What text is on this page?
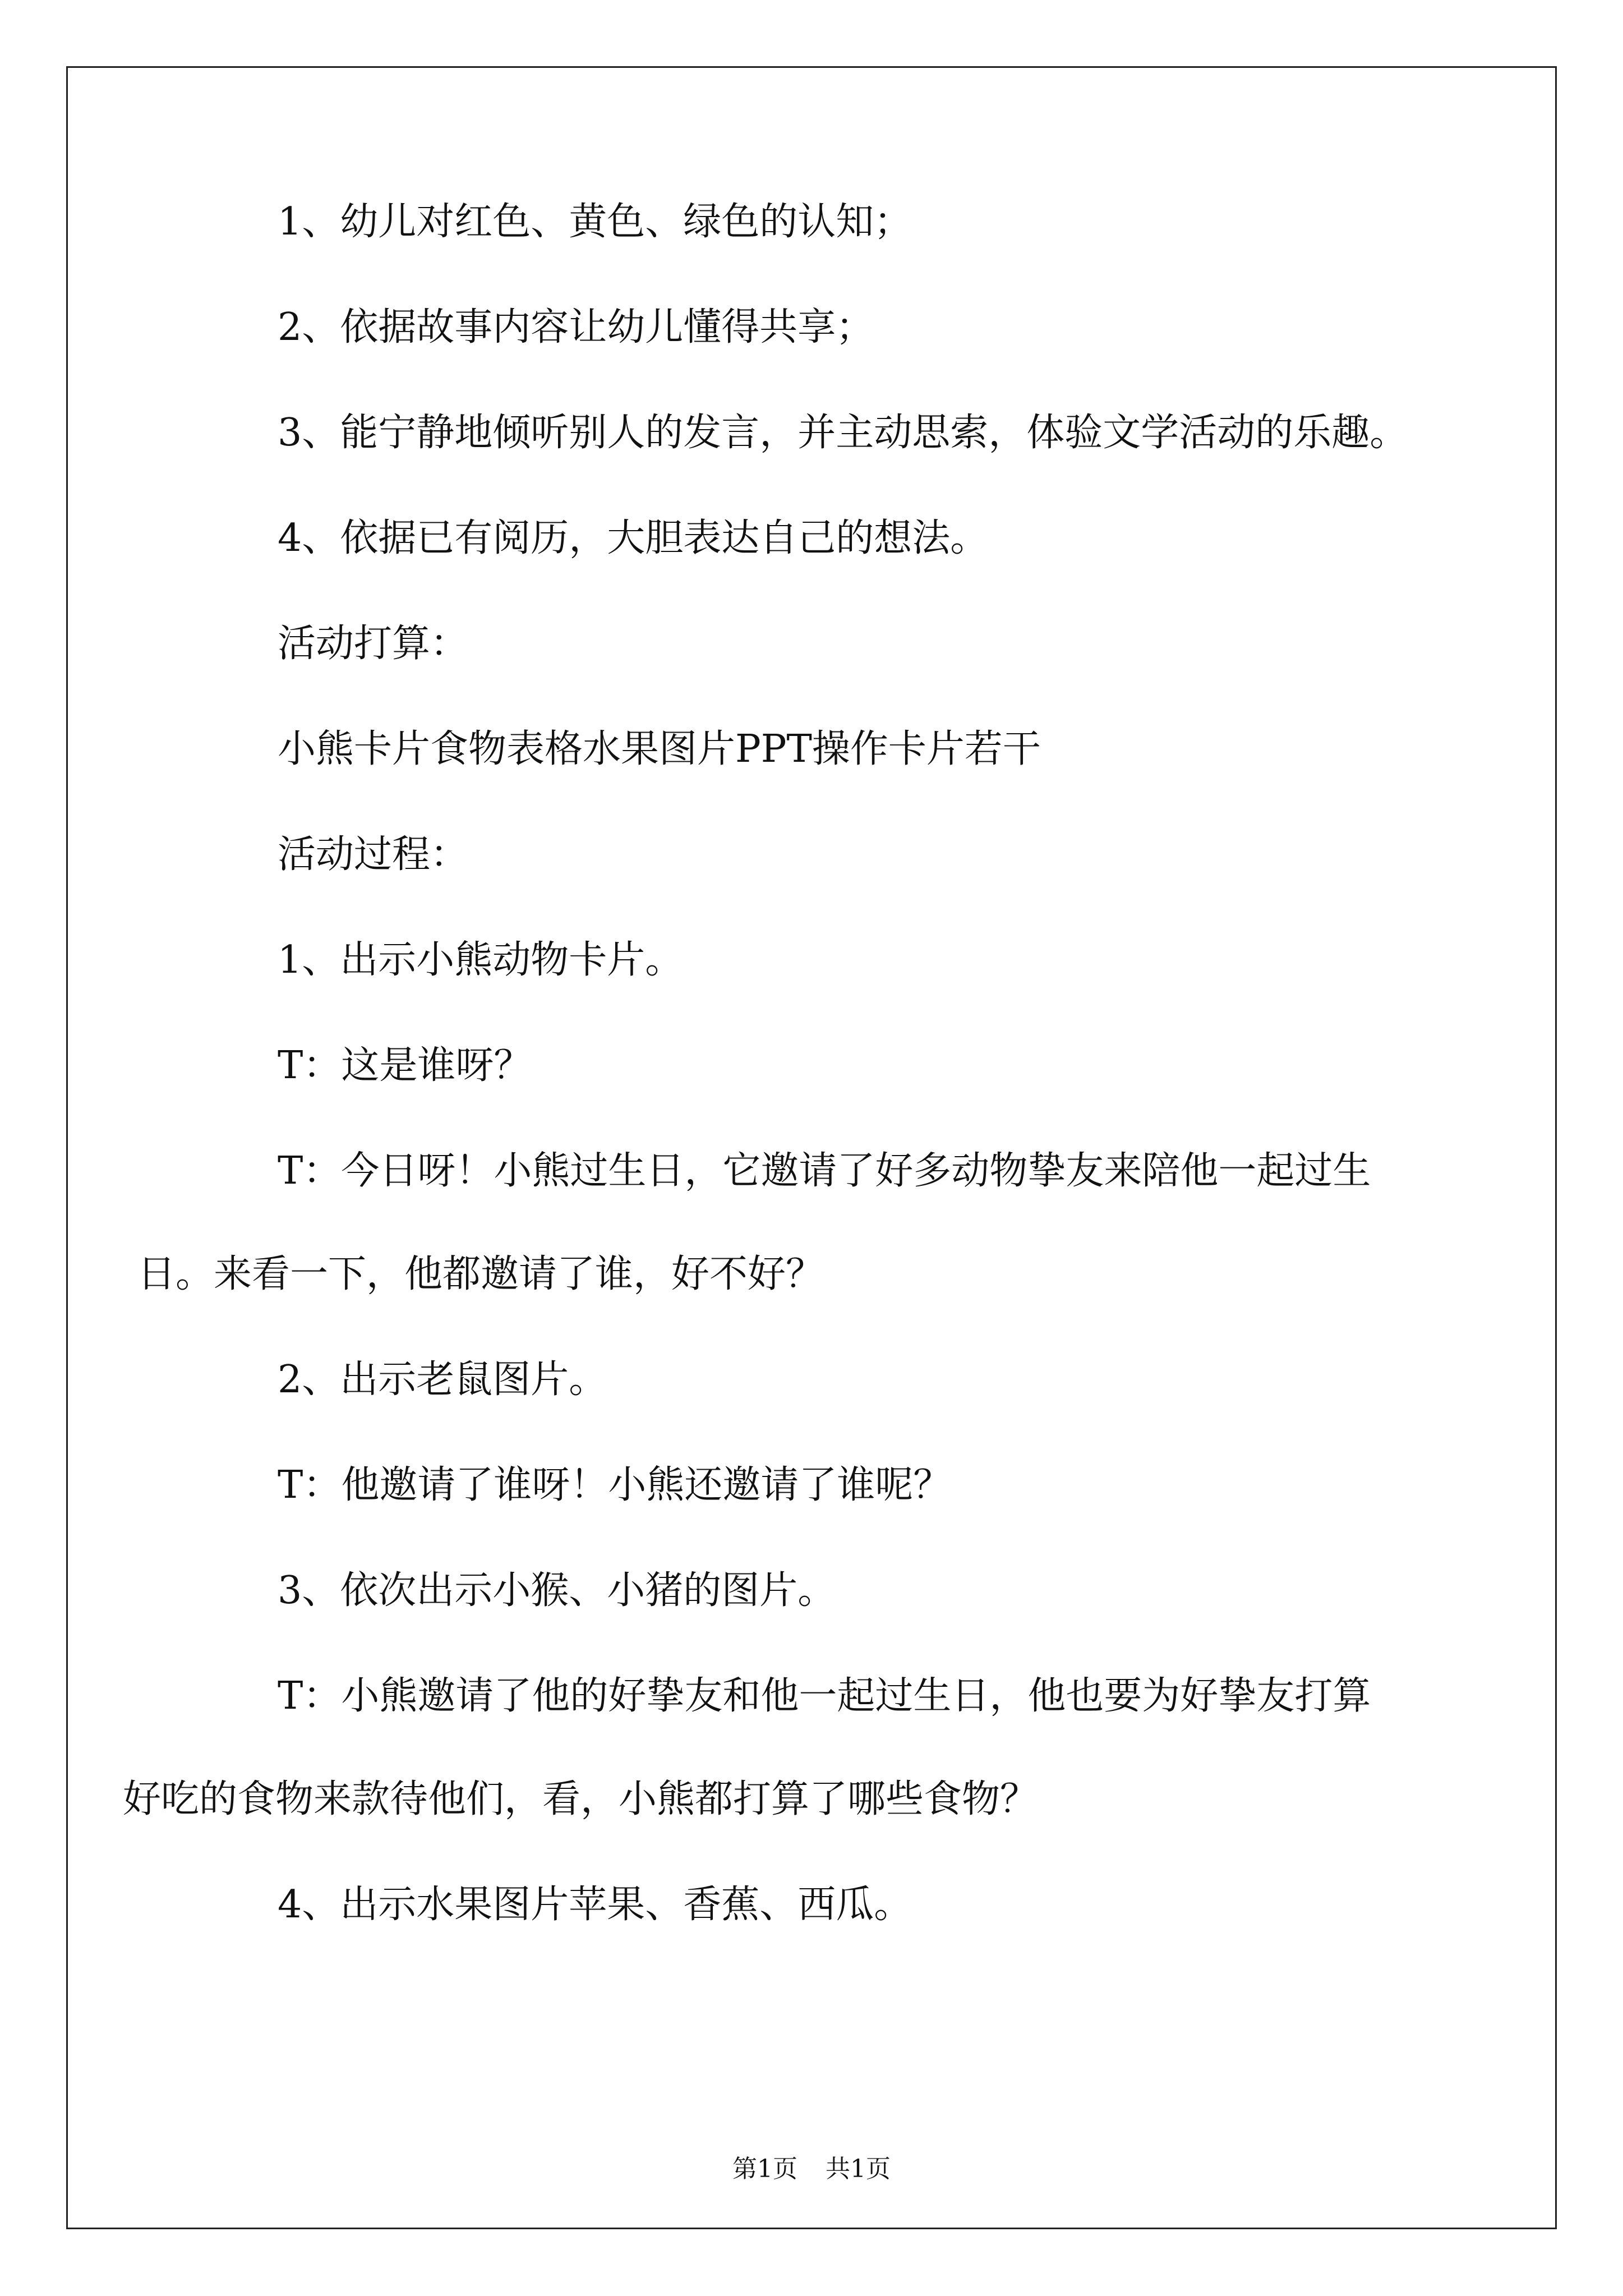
1、幼儿对红色、黄色、绿色的认知；

2、依据故事内容让幼儿懂得共享；

3、能宁静地倾听别人的发言，并主动思索，体验文学活动的乐趣。

4、依据已有阅历，大胆表达自己的想法。

活动打算：

小熊卡片食物表格水果图片PPT操作卡片若干

活动过程：

1、出示小熊动物卡片。

T：这是谁呀？

T：今日呀！小熊过生日，它邀请了好多动物挚友来陪他一起过生
日。来看一下，他都邀请了谁，好不好？

2、出示老鼠图片。

T：他邀请了谁呀！小熊还邀请了谁呢？

3、依次出示小猴、小猪的图片。

T：小熊邀请了他的好挚友和他一起过生日，他也要为好挚友打算
好吃的食物来款待他们，看，小熊都打算了哪些食物？

4、出示水果图片苹果、香蕉、西瓜。

第1页 共1页
